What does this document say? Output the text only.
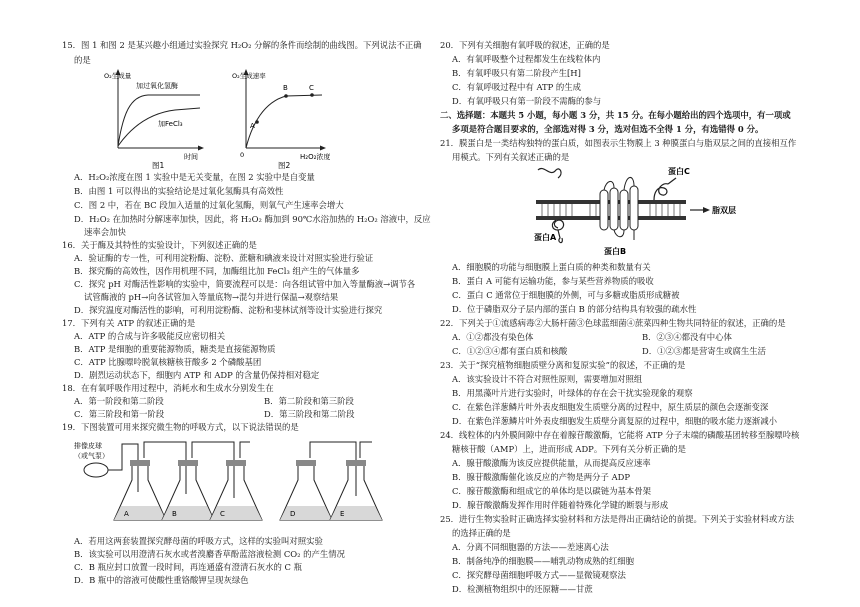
15．图 1 和图 2 是某兴趣小组通过实验探究 H₂O₂ 分解的条件而绘制的曲线图。下列说法不正确
的是
O₂生成量
加过氧化氢酶
加FeCl₃
时间
图1
O₂生成速率
A
B	C
0	H₂O₂浓度
图2
A．H₂O₂浓度在图 1 实验中是无关变量，在图 2 实验中是自变量
B．由图 1 可以得出的实验结论是过氧化氢酶具有高效性
C．图 2 中，若在 BC 段加入适量的过氧化氢酶，则氧气产生速率会增大
D．H₂O₂ 在加热时分解速率加快，因此，将 H₂O₂ 酶加到 90℃水浴加热的 H₂O₂ 溶液中，反应
速率会加快
16．关于酶及其特性的实验设计，下列叙述正确的是
A．验证酶的专一性，可利用淀粉酶、淀粉、蔗糖和碘液来设计对照实验进行验证
B．探究酶的高效性，因作用机理不同，加酶组比加 FeCl₃ 组产生的气体量多
C．探究 pH 对酶活性影响的实验中，简要流程可以是：向各组试管中加入等量酶液→调节各
试管酶液的 pH→向各试管加入等量底物→混匀并进行保温→观察结果
D．探究温度对酶活性的影响，可利用淀粉酶、淀粉和斐林试剂等设计实验进行探究
17．下列有关 ATP 的叙述正确的是
A．ATP 的合成与许多吸能反应密切相关
B．ATP 是细胞的重要能源物质，糖类是直接能源物质
C．ATP 比腺嘌呤脱氧核糖核苷酸多 2 个磷酸基团
D．剧烈运动状态下，细胞内 ATP 和 ADP 的含量仍保持相对稳定
18．在有氧呼吸作用过程中，消耗水和生成水分别发生在
A．第一阶段和第二阶段	B．第二阶段和第三阶段
C．第三阶段和第一阶段	D．第三阶段和第二阶段
19．下图装置可用来探究微生物的呼吸方式，以下说法错误的是
排像皮球
（或气泵）
A	B	C	D	E
A．若用这两套装置探究酵母菌的呼吸方式，这样的实验叫对照实验
B．该实验可以用澄清石灰水或者溴麝香草酚蓝溶液检测 CO₂ 的产生情况
C．B 瓶应封口放置一段时间，再连通盛有澄清石灰水的 C 瓶
D．B 瓶中的溶液可使酸性重铬酸钾呈现灰绿色
20．下列有关细胞有氧呼吸的叙述，正确的是
A．有氧呼吸整个过程都发生在线粒体内
B．有氧呼吸只有第二阶段产生[H]
C．有氧呼吸过程中有 ATP 的生成
D．有氧呼吸只有第一阶段不需酶的参与
二、选择题：本题共 5 小题，每小题 3 分，共 15 分。在每小题给出的四个选项中，有一项或
多项是符合题目要求的，全部选对得 3 分，选对但选不全得 1 分，有选错得 0 分。
21．膜蛋白是一类结构独特的蛋白质，如图表示生物膜上 3 种膜蛋白与脂双层之间的直接相互作
用模式。下列有关叙述正确的是
蛋白C
脂双层
蛋白A
蛋白B
A．细胞膜的功能与细胞膜上蛋白质的种类和数量有关
B．蛋白 A 可能有运输功能，参与某些营养物质的吸收
C．蛋白 C 通常位于细胞膜的外侧，可与多糖或脂质形成糖被
D．位于磷脂双分子层内部的蛋白 B 的部分结构具有较强的疏水性
22．下列关于①流感病毒②大肠杆菌③色球蓝细菌④蔗菜四种生物共同特征的叙述，正确的是
A．①②都没有染色体	B．②③④都没有中心体
C．①②③④都有蛋白质和核酸	D．①②③都是营寄生或腐生生活
23．关于“探究植物细胞质壁分离和复原实验”的叙述，不正确的是
A．该实验设计不符合对照性原则，需要增加对照组
B．用黑藻叶片进行实验时，叶绿体的存在会干扰实验现象的观察
C．在紫色洋葱鳞片叶外表皮细胞发生质壁分离的过程中，原生质层的颜色会逐渐变深
D．在紫色洋葱鳞片叶外表皮细胞发生质壁分离复原的过程中，细胞的吸水能力逐渐减小
24．线粒体的内外膜间隙中存在着腺苷酸激酶，它能将 ATP 分子末端的磷酸基团转移至腺嘌呤核
糖核苷酸（AMP）上，进而形成 ADP。下列有关分析正确的是
A．腺苷酸激酶为该反应提供能量，从而提高反应速率
B．腺苷酸激酶催化该反应的产物是两分子 ADP
C．腺苷酸激酶和组成它的单体均是以碳链为基本骨架
D．腺苷酸激酶发挥作用时伴随着特殊化学键的断裂与形成
25．进行生物实验时正确选择实验材料和方法是得出正确结论的前提。下列关于实验材料或方法
的选择正确的是
A．分离不同细胞器的方法——差速离心法
B．制备纯净的细胞膜——哺乳动物成熟的红细胞
C．探究酵母菌细胞呼吸方式——显微镜观察法
D．检测植物组织中的还原糖——甘蔗
